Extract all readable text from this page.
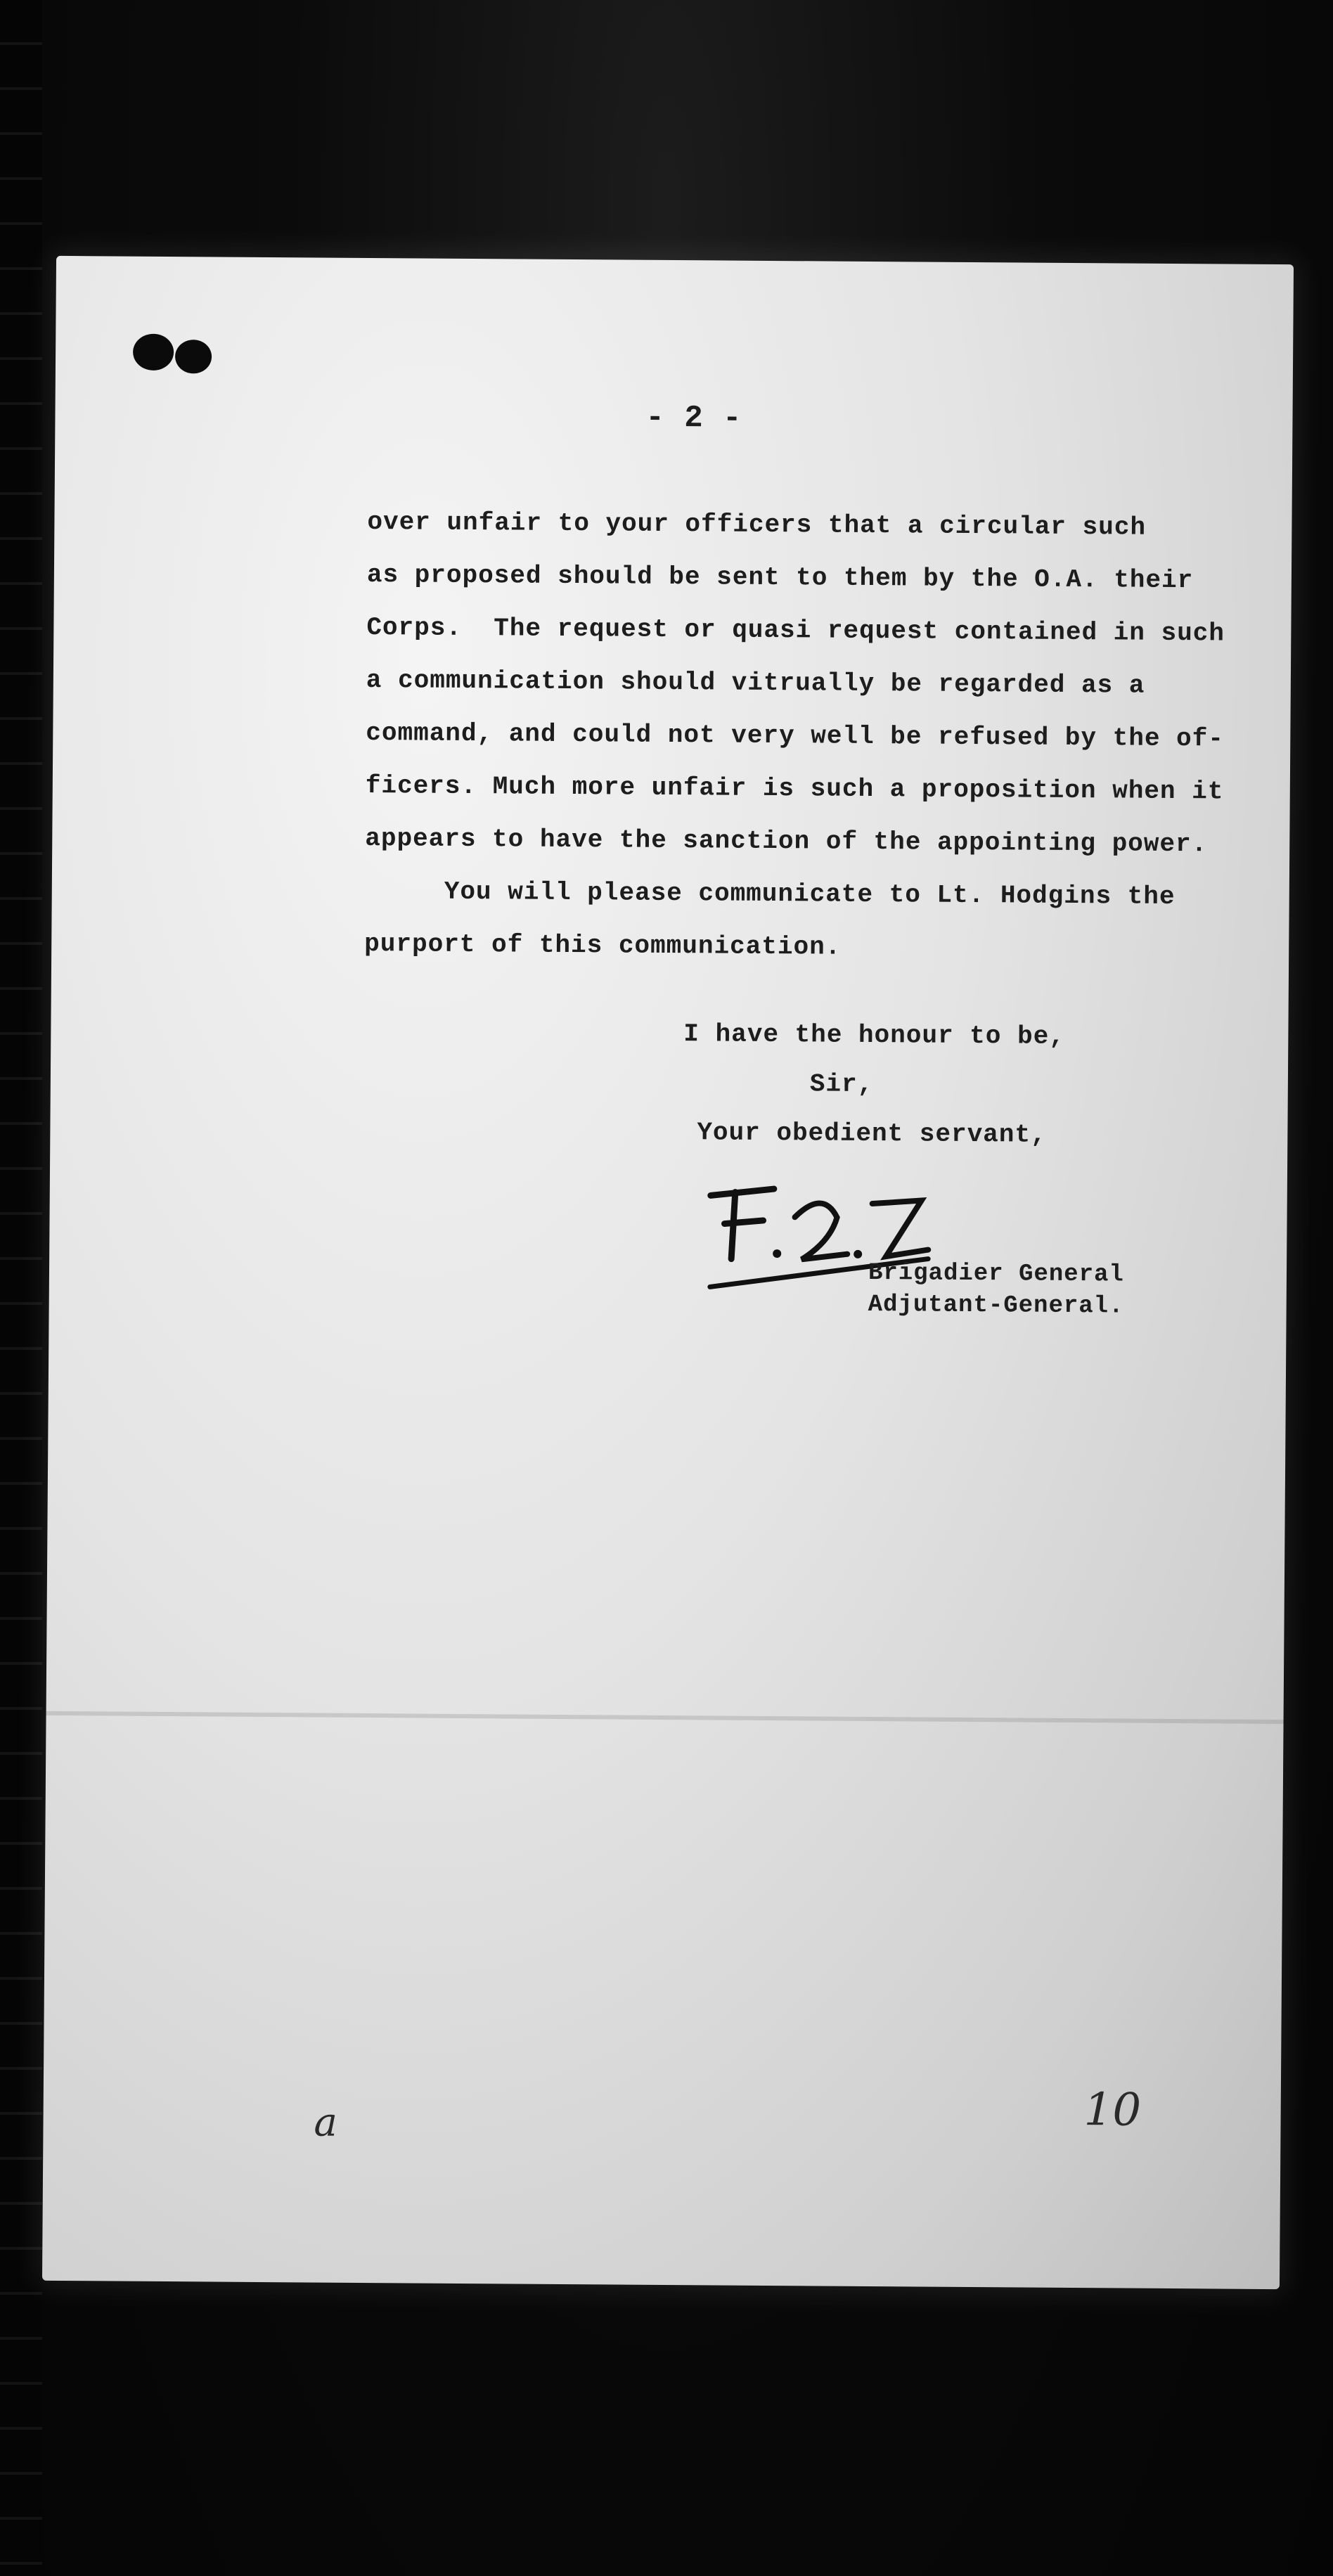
- 2 -
over unfair to your officers that a circular such
as proposed should be sent to them by the O.A. their
Corps.  The request or quasi request contained in such
a communication should vitrually be regarded as a
command, and could not very well be refused by the of-
ficers. Much more unfair is such a proposition when it
appears to have the sanction of the appointing power.
You will please communicate to Lt. Hodgins the
purport of this communication.
I have the honour to be,
Sir,
Your obedient servant,
Brigadier General
Adjutant-General.
a	10
